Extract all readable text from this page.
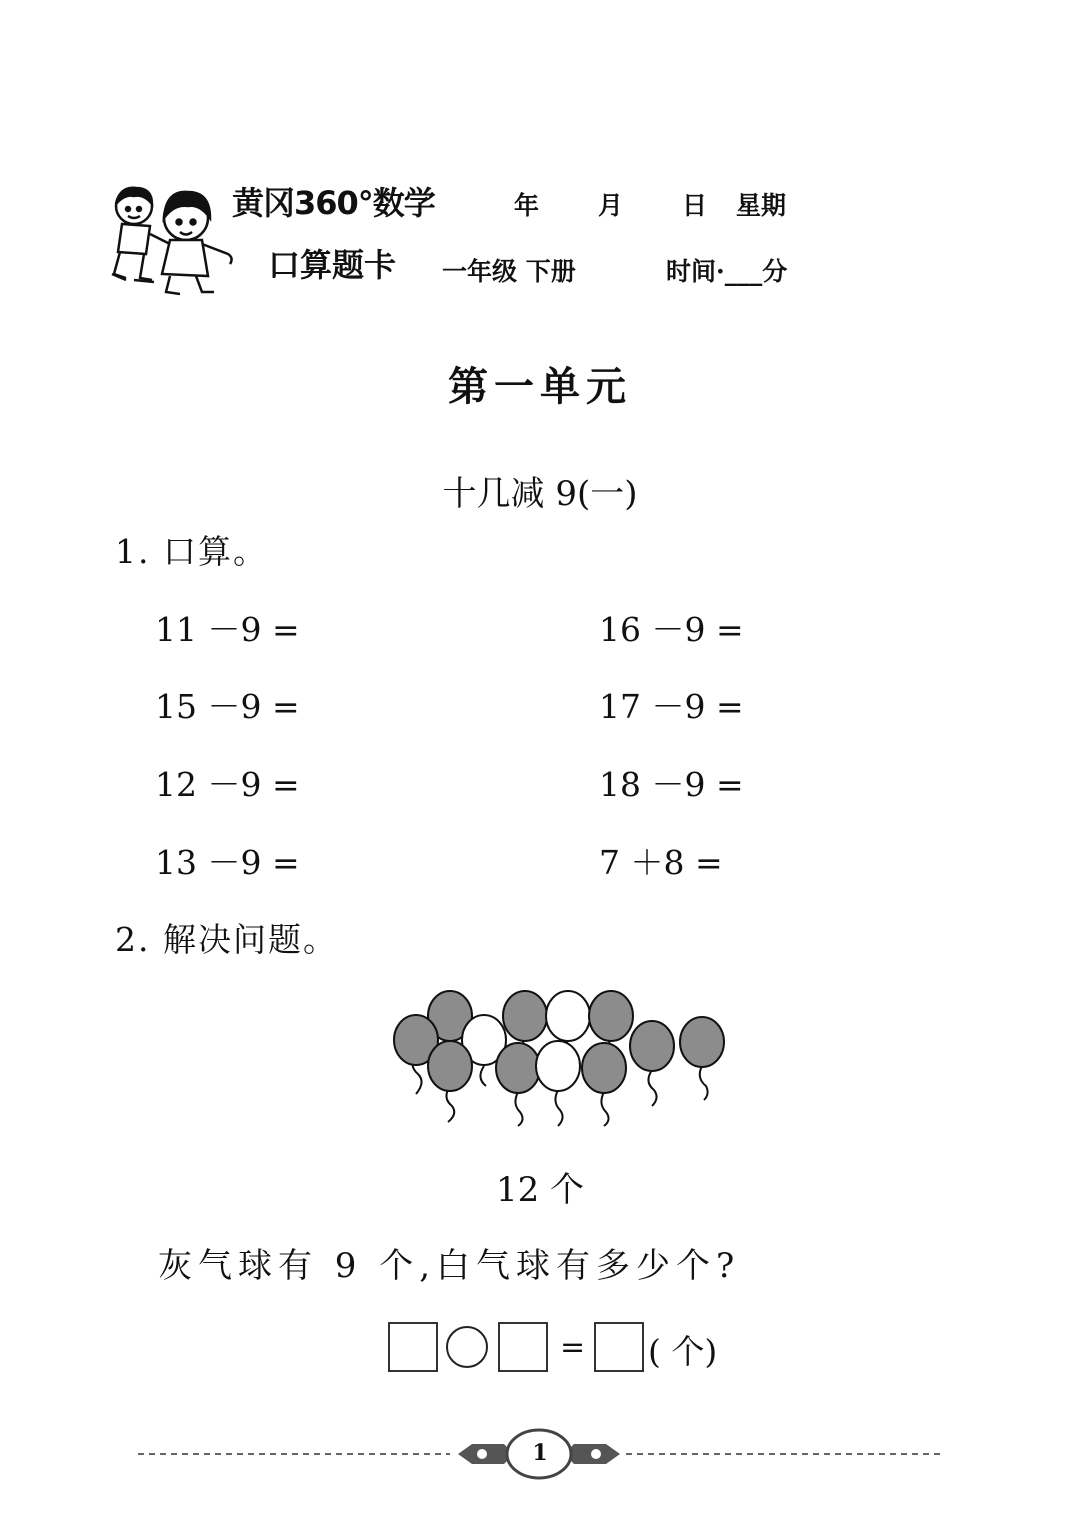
黄冈360°数学
口算题卡
年 月 日 星期
一年级 下册	时间·___分
第一单元
十几减 9(一)
1. 口算。
11 －9 =
15 －9 =
12 －9 =
13 －9 =
16 －9 =
17 －9 =
18 －9 =
7 ＋8 =
2. 解决问题。
12 个
灰气球有 9 个,白气球有多少个?
= ( 个)
1
